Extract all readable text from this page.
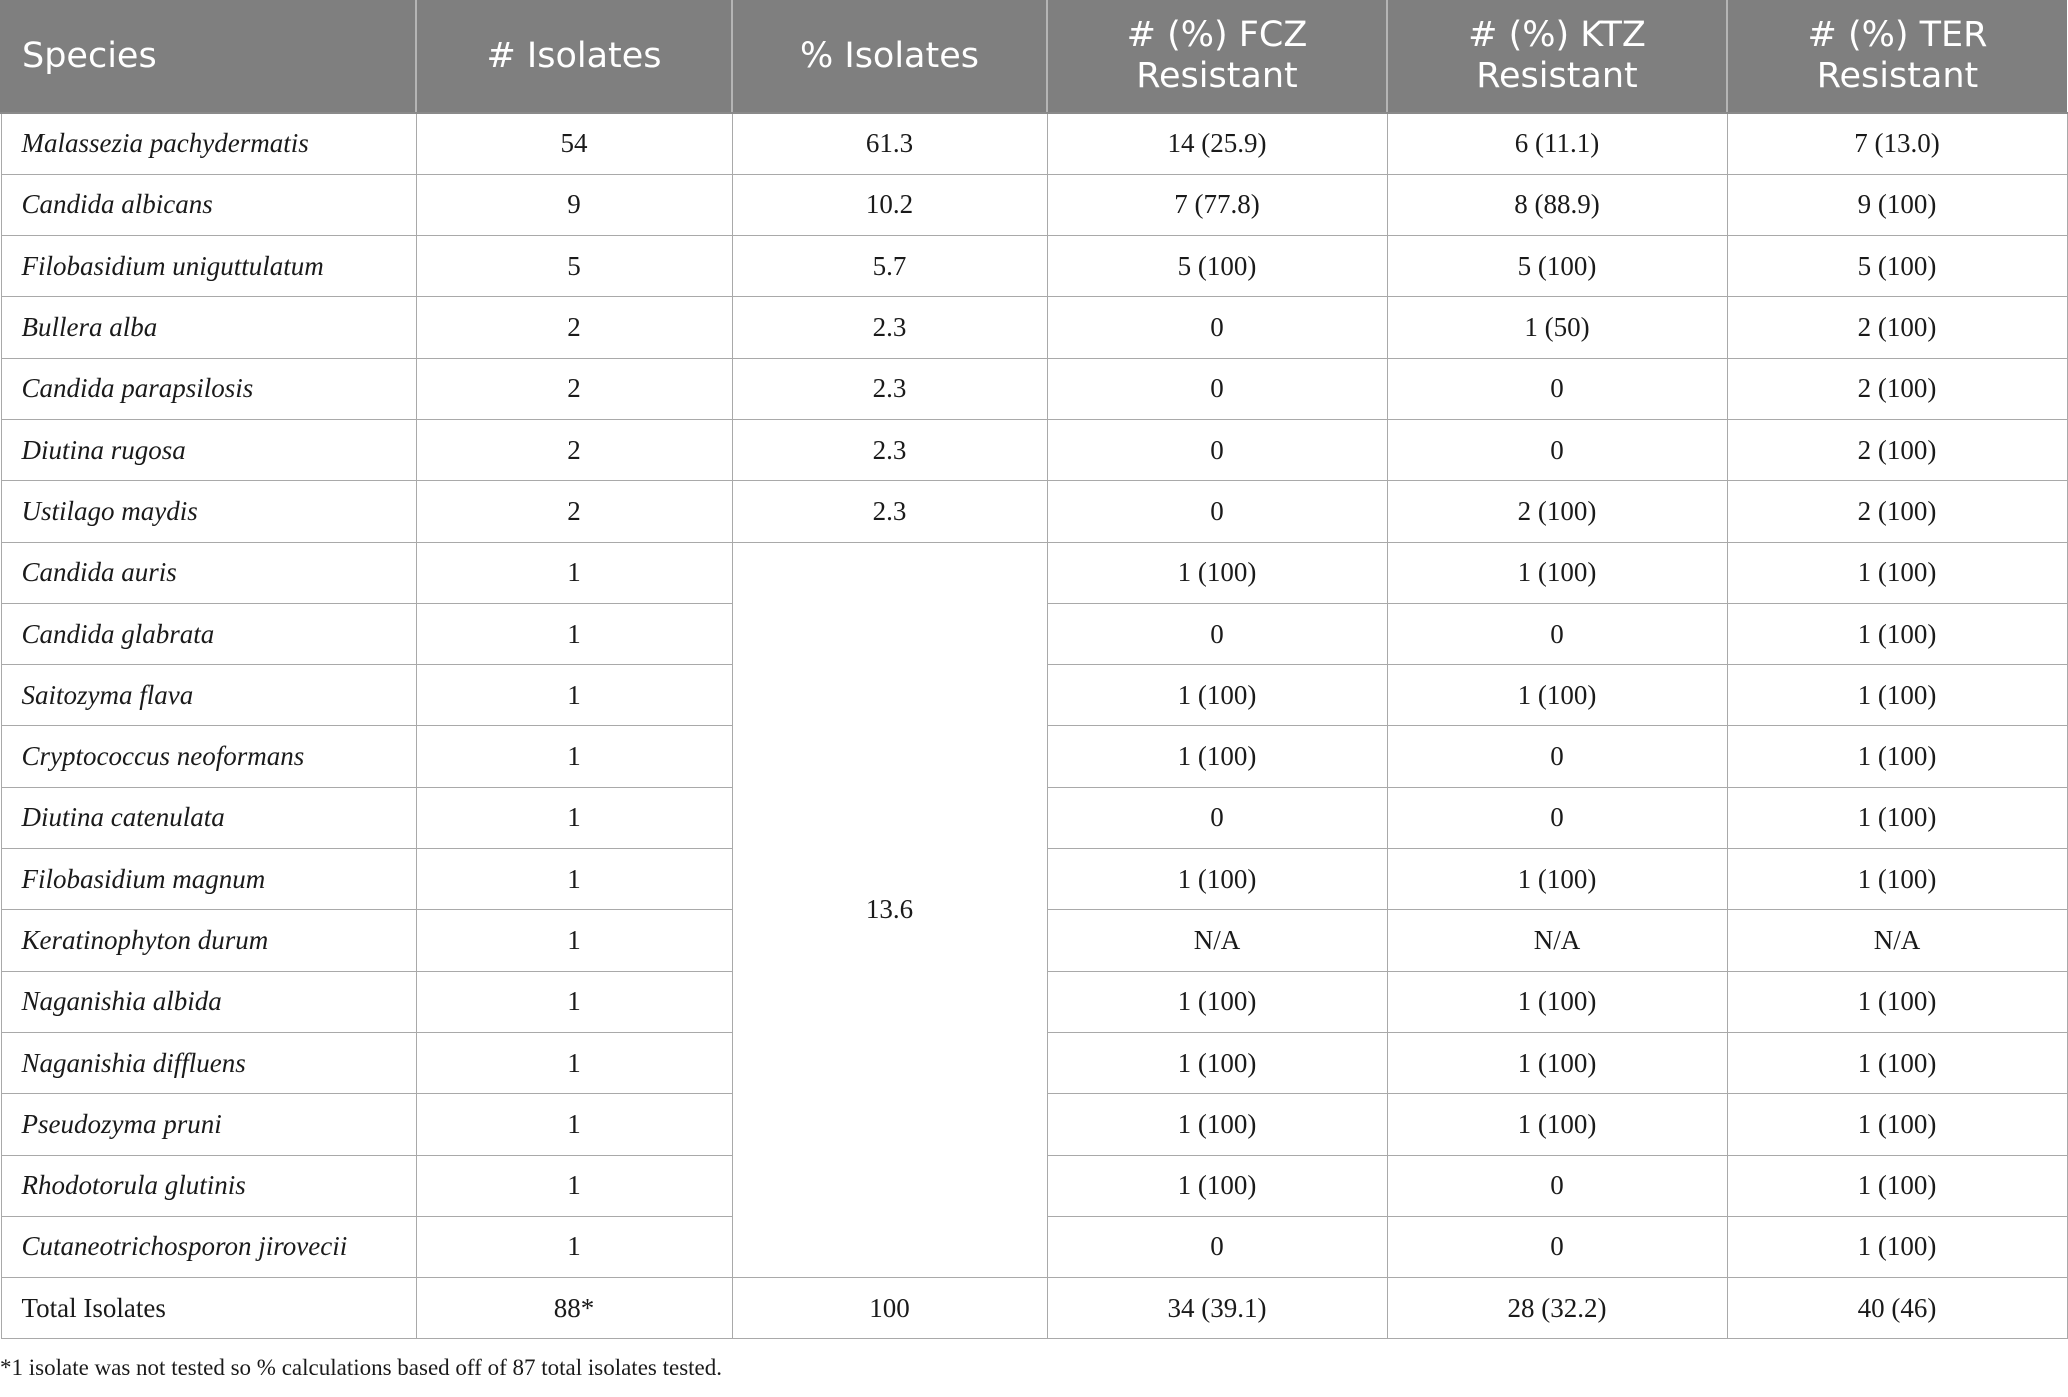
Species	# Isolates	% Isolates	# (%) FCZ Resistant	# (%) KTZ Resistant	# (%) TER Resistant
Malassezia pachydermatis	54	61.3	14 (25.9)	6 (11.1)	7 (13.0)
Candida albicans	9	10.2	7 (77.8)	8 (88.9)	9 (100)
Filobasidium uniguttulatum	5	5.7	5 (100)	5 (100)	5 (100)
Bullera alba	2	2.3	0	1 (50)	2 (100)
Candida parapsilosis	2	2.3	0	0	2 (100)
Diutina rugosa	2	2.3	0	0	2 (100)
Ustilago maydis	2	2.3	0	2 (100)	2 (100)
Candida auris	1	13.6	1 (100)	1 (100)	1 (100)
Candida glabrata	1		0	0	1 (100)
Saitozyma flava	1		1 (100)	1 (100)	1 (100)
Cryptococcus neoformans	1		1 (100)	0	1 (100)
Diutina catenulata	1		0	0	1 (100)
Filobasidium magnum	1		1 (100)	1 (100)	1 (100)
Keratinophyton durum	1		N/A	N/A	N/A
Naganishia albida	1		1 (100)	1 (100)	1 (100)
Naganishia diffluens	1		1 (100)	1 (100)	1 (100)
Pseudozyma pruni	1		1 (100)	1 (100)	1 (100)
Rhodotorula glutinis	1		1 (100)	0	1 (100)
Cutaneotrichosporon jirovecii	1		0	0	1 (100)
Total Isolates	88*	100	34 (39.1)	28 (32.2)	40 (46)
*1 isolate was not tested so % calculations based off of 87 total isolates tested.
